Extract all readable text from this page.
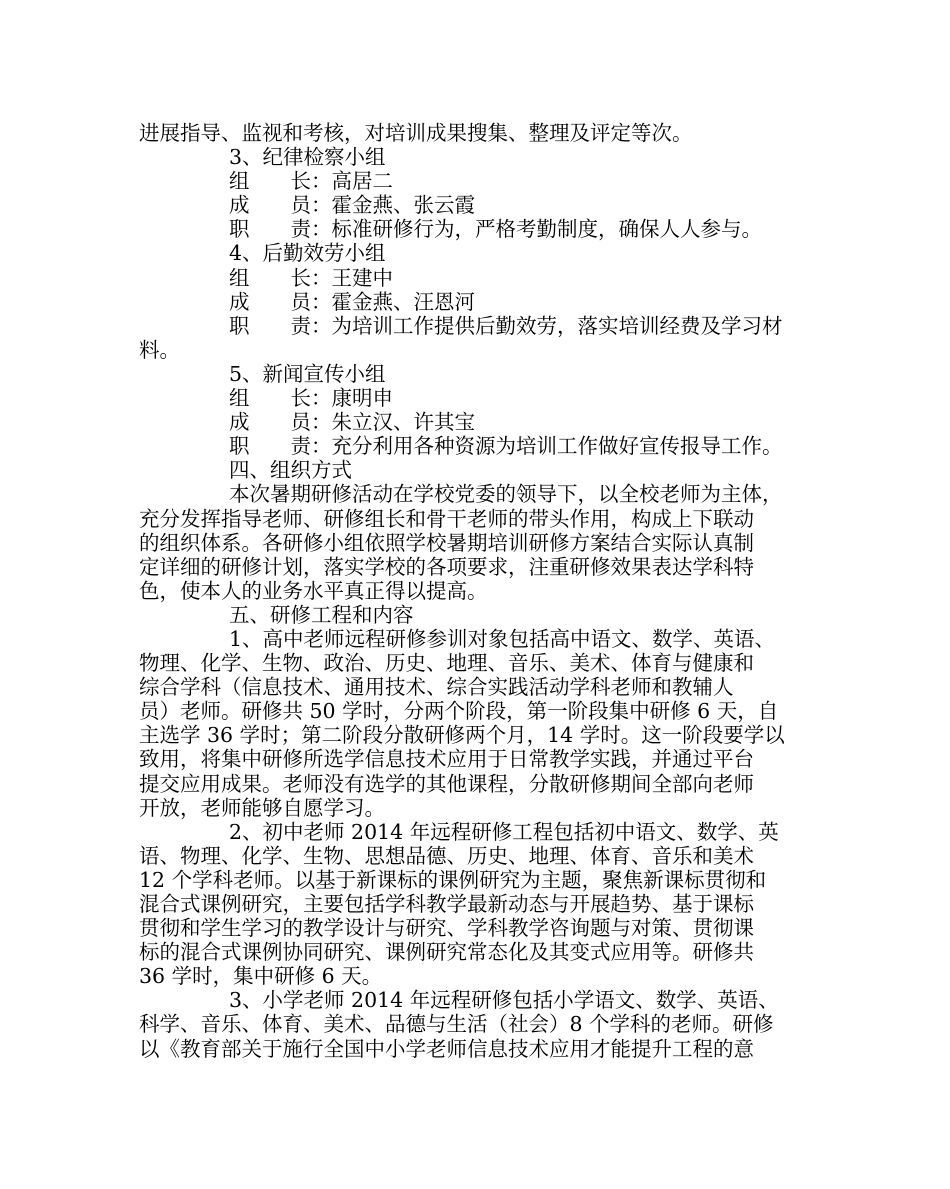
进展指导、监视和考核，对培训成果搜集、整理及评定等次。
3、纪律检察小组
组　　长：高居二
成　　员：霍金燕、张云霞
职　　责：标准研修行为，严格考勤制度，确保人人参与。
4、后勤效劳小组
组　　长：王建中
成　　员：霍金燕、汪恩河
职　　责：为培训工作提供后勤效劳，落实培训经费及学习材
料。
5、新闻宣传小组
组　　长：康明申
成　　员：朱立汉、许其宝
职　　责：充分利用各种资源为培训工作做好宣传报导工作。
四、组织方式
本次暑期研修活动在学校党委的领导下，以全校老师为主体，
充分发挥指导老师、研修组长和骨干老师的带头作用，构成上下联动
的组织体系。各研修小组依照学校暑期培训研修方案结合实际认真制
定详细的研修计划，落实学校的各项要求，注重研修效果表达学科特
色，使本人的业务水平真正得以提高。
五、研修工程和内容
1、高中老师远程研修参训对象包括高中语文、数学、英语、
物理、化学、生物、政治、历史、地理、音乐、美术、体育与健康和
综合学科（信息技术、通用技术、综合实践活动学科老师和教辅人
员）老师。研修共 50 学时，分两个阶段，第一阶段集中研修 6 天，自
主选学 36 学时；第二阶段分散研修两个月，14 学时。这一阶段要学以
致用，将集中研修所选学信息技术应用于日常教学实践，并通过平台
提交应用成果。老师没有选学的其他课程，分散研修期间全部向老师
开放，老师能够自愿学习。
2、初中老师 2014 年远程研修工程包括初中语文、数学、英
语、物理、化学、生物、思想品德、历史、地理、体育、音乐和美术
12 个学科老师。以基于新课标的课例研究为主题，聚焦新课标贯彻和
混合式课例研究，主要包括学科教学最新动态与开展趋势、基于课标
贯彻和学生学习的教学设计与研究、学科教学咨询题与对策、贯彻课
标的混合式课例协同研究、课例研究常态化及其变式应用等。研修共
36 学时，集中研修 6 天。
3、小学老师 2014 年远程研修包括小学语文、数学、英语、
科学、音乐、体育、美术、品德与生活（社会）8 个学科的老师。研修
以《教育部关于施行全国中小学老师信息技术应用才能提升工程的意
